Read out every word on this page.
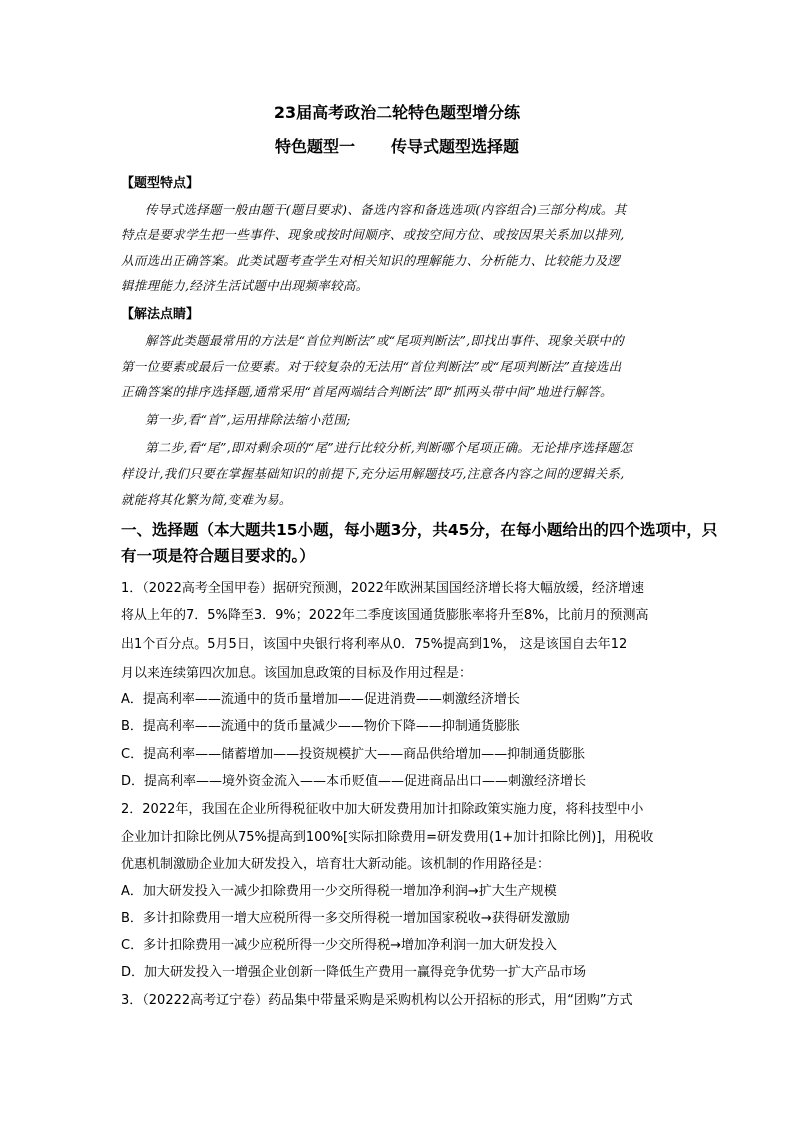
23届高考政治二轮特色题型增分练
特色题型一 传导式题型选择题
【题型特点】
传导式选择题一般由题干(题目要求)、备选内容和备选选项(内容组合)三部分构成。其
特点是要求学生把一些事件、现象或按时间顺序、或按空间方位、或按因果关系加以排列,
从而选出正确答案。此类试题考查学生对相关知识的理解能力、分析能力、比较能力及逻
辑推理能力,经济生活试题中出现频率较高。
【解法点睛】
解答此类题最常用的方法是“首位判断法”或“尾项判断法”,即找出事件、现象关联中的
第一位要素或最后一位要素。对于较复杂的无法用“首位判断法”或“尾项判断法”直接选出
正确答案的排序选择题,通常采用“首尾两端结合判断法”即“抓两头带中间”地进行解答。
第一步,看“首”,运用排除法缩小范围;
第二步,看“尾”,即对剩余项的“尾”进行比较分析,判断哪个尾项正确。无论排序选择题怎
样设计,我们只要在掌握基础知识的前提下,充分运用解题技巧,注意各内容之间的逻辑关系,
就能将其化繁为简,变难为易。
一、选择题（本大题共15小题，每小题3分，共45分，在每小题给出的四个选项中，只
有一项是符合题目要求的。）
1．（2022高考全国甲卷）据研究预测，2022年欧洲某国国经济增长将大幅放缓，经济增速
将从上年的7．5%降至3．9%；2022年二季度该国通货膨胀率将升至8%，比前月的预测高
出1个百分点。5月5日，该国中央银行将利率从0．75%提高到1%， 这是该国自去年12
月以来连续第四次加息。该国加息政策的目标及作用过程是：
A．提高利率——流通中的货币量增加——促进消费——刺激经济增长
B．提高利率——流通中的货币量减少——物价下降——抑制通货膨胀
C．提高利率——储蓄增加——投资规模扩大——商品供给增加——抑制通货膨胀
D．提高利率——境外资金流入——本币贬值——促进商品出口——刺激经济增长
2．2022年，我国在企业所得税征收中加大研发费用加计扣除政策实施力度，将科技型中小
企业加计扣除比例从75%提高到100%[实际扣除费用=研发费用(1+加计扣除比例)]，用税收
优惠机制激励企业加大研发投入，培育壮大新动能。该机制的作用路径是：
A．加大研发投入一减少扣除费用一少交所得税一增加净利润→扩大生产规模
B．多计扣除费用一增大应税所得一多交所得税一增加国家税收→获得研发激励
C．多计扣除费用一减少应税所得一少交所得税→增加净利润一加大研发投入
D．加大研发投入一增强企业创新一降低生产费用一赢得竞争优势一扩大产品市场
3．（20222高考辽宁卷）药品集中带量采购是采购机构以公开招标的形式，用“团购”方式
